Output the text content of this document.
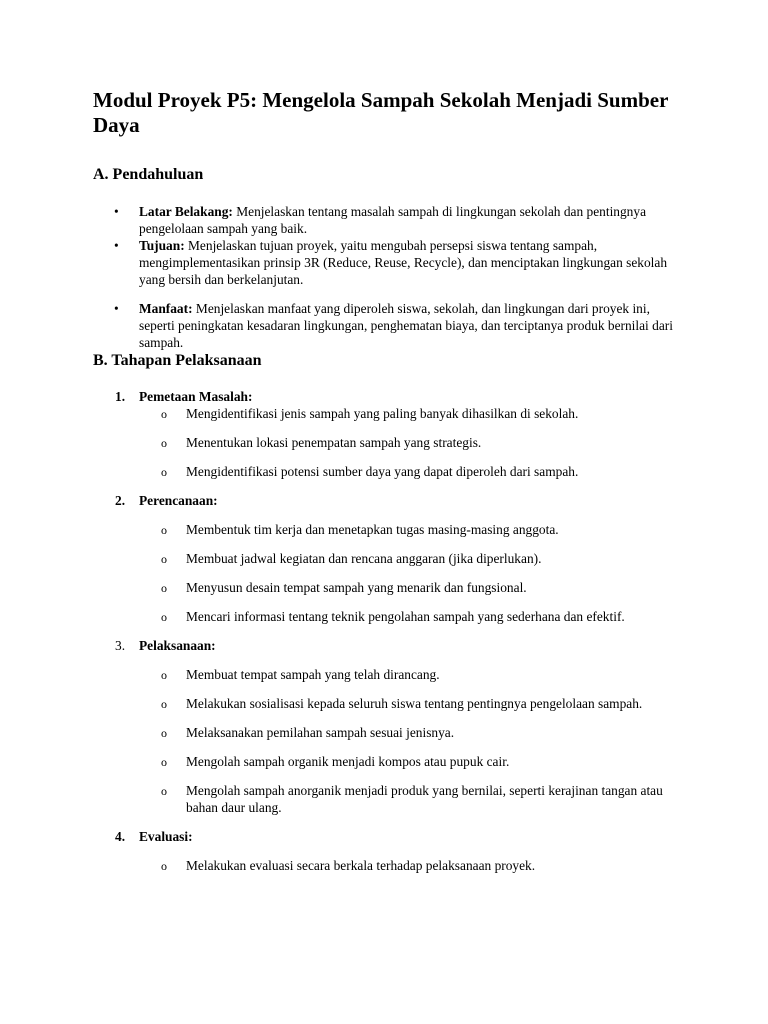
Modul Proyek P5: Mengelola Sampah Sekolah Menjadi Sumber Daya
A. Pendahuluan
• Latar Belakang: Menjelaskan tentang masalah sampah di lingkungan sekolah dan pentingnya pengelolaan sampah yang baik.
• Tujuan: Menjelaskan tujuan proyek, yaitu mengubah persepsi siswa tentang sampah, mengimplementasikan prinsip 3R (Reduce, Reuse, Recycle), dan menciptakan lingkungan sekolah yang bersih dan berkelanjutan.
• Manfaat: Menjelaskan manfaat yang diperoleh siswa, sekolah, dan lingkungan dari proyek ini, seperti peningkatan kesadaran lingkungan, penghematan biaya, dan terciptanya produk bernilai dari sampah.
B. Tahapan Pelaksanaan
1. Pemetaan Masalah:
o Mengidentifikasi jenis sampah yang paling banyak dihasilkan di sekolah.
o Menentukan lokasi penempatan sampah yang strategis.
o Mengidentifikasi potensi sumber daya yang dapat diperoleh dari sampah.
2. Perencanaan:
o Membentuk tim kerja dan menetapkan tugas masing-masing anggota.
o Membuat jadwal kegiatan dan rencana anggaran (jika diperlukan).
o Menyusun desain tempat sampah yang menarik dan fungsional.
o Mencari informasi tentang teknik pengolahan sampah yang sederhana dan efektif.
3. Pelaksanaan:
o Membuat tempat sampah yang telah dirancang.
o Melakukan sosialisasi kepada seluruh siswa tentang pentingnya pengelolaan sampah.
o Melaksanakan pemilahan sampah sesuai jenisnya.
o Mengolah sampah organik menjadi kompos atau pupuk cair.
o Mengolah sampah anorganik menjadi produk yang bernilai, seperti kerajinan tangan atau bahan daur ulang.
4. Evaluasi:
o Melakukan evaluasi secara berkala terhadap pelaksanaan proyek.
